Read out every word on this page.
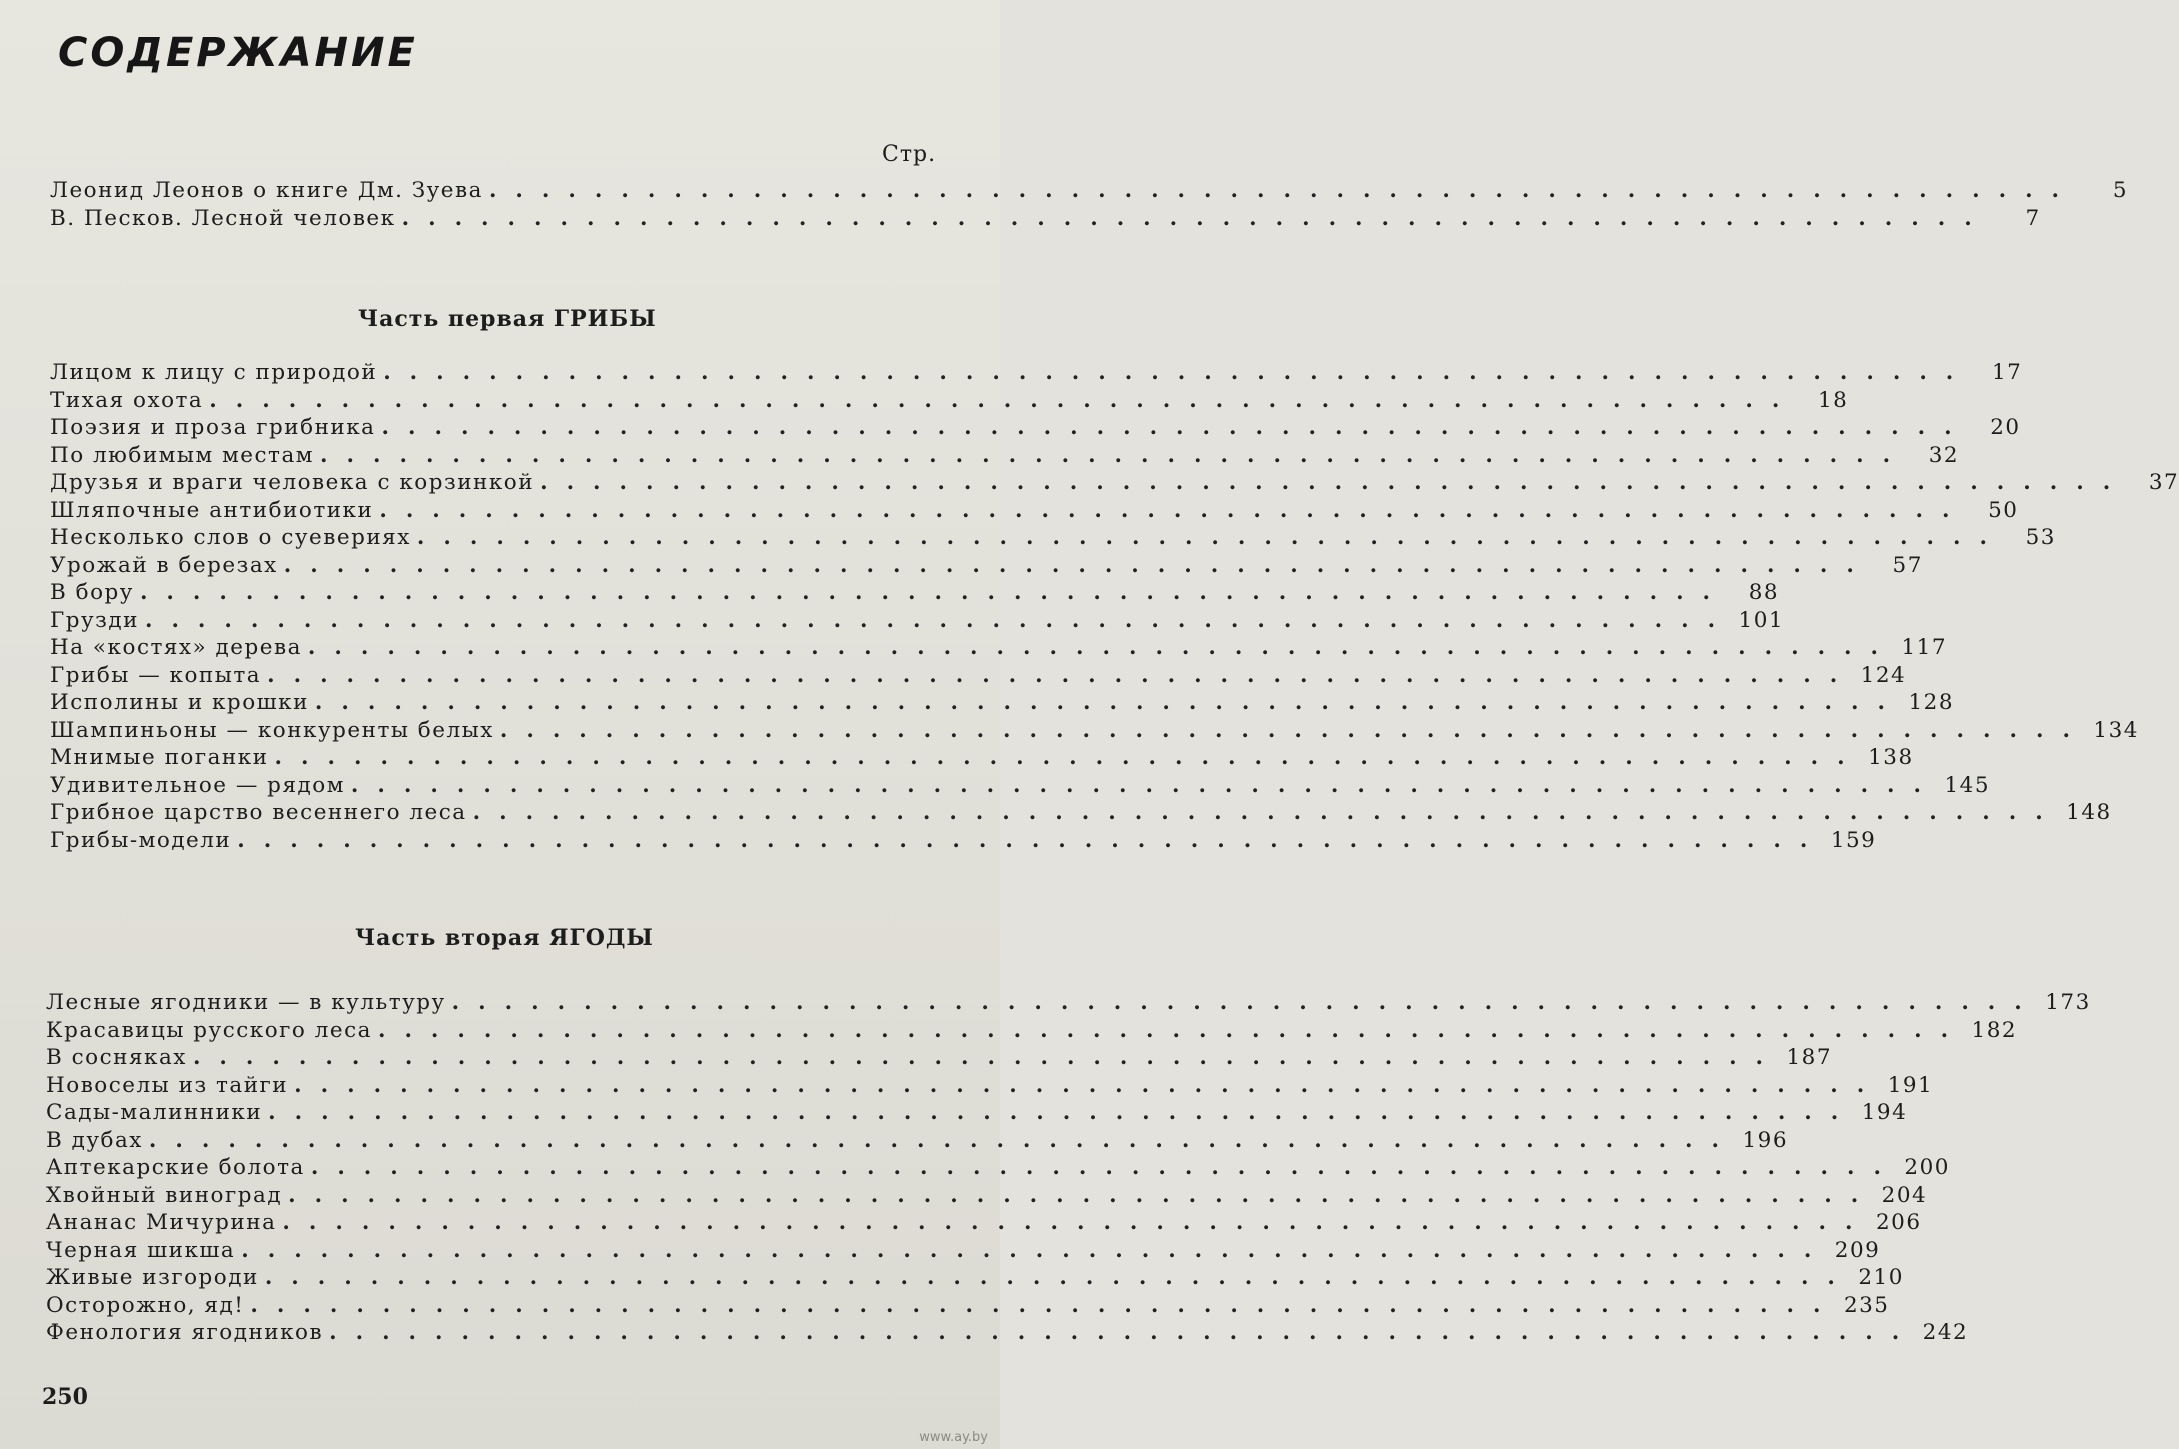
СОДЕРЖАНИЕ
Стр.
Леонид Леонов о книге Дм. Зуева ............................................................	5
В. Песков. Лесной человек ............................................................	7
Часть первая ГРИБЫ
Лицом к лицу с природой ............................................................ 17
Тихая охота ............................................................ 18
Поэзия и проза грибника ............................................................ 20
По любимым местам ............................................................ 32
Друзья и враги человека с корзинкой ............................................................ 37
Шляпочные антибиотики ............................................................ 50
Несколько слов о суевериях ............................................................ 53
Урожай в березах ............................................................ 57
В бору ............................................................ 88
Грузди ............................................................ 101
На «костях» дерева ............................................................ 117
Грибы — копыта ............................................................ 124
Исполины и крошки ............................................................ 128
Шампиньоны — конкуренты белых ............................................................ 134
Мнимые поганки ............................................................ 138
Удивительное — рядом ............................................................ 145
Грибное царство весеннего леса ............................................................ 148
Грибы-модели ............................................................ 159
Часть вторая ЯГОДЫ
Лесные ягодники — в культуру ............................................................ 173
Красавицы русского леса ............................................................ 182
В сосняках ............................................................ 187
Новоселы из тайги ............................................................ 191
Сады-малинники ............................................................ 194
В дубах ............................................................ 196
Аптекарские болота ............................................................ 200
Хвойный виноград ............................................................ 204
Ананас Мичурина ............................................................ 206
Черная шикша ............................................................ 209
Живые изгороди ............................................................ 210
Осторожно, яд! ............................................................ 235
Фенология ягодников ............................................................ 242
250
www.ay.by
